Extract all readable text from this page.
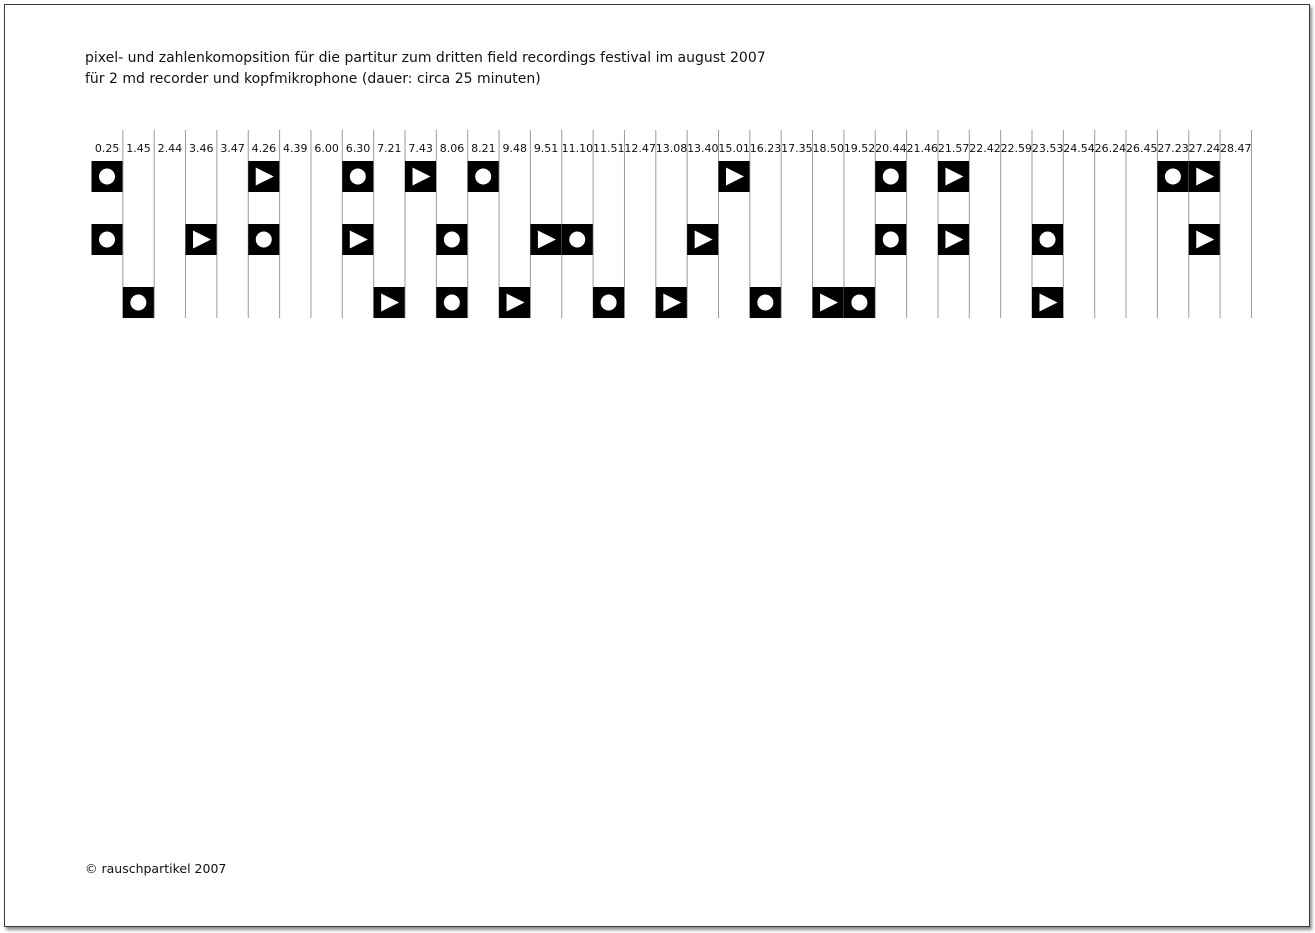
pixel- und zahlenkomopsition für die partitur zum dritten field recordings festival im august 2007
für 2 md recorder und kopfmikrophone (dauer: circa 25 minuten)
0.25 1.45 2.44 3.46 3.47 4.26 4.39 6.00 6.30 7.21 7.43 8.06 8.21 9.48 9.51 11.10 11.51 12.47 13.08 13.40 15.01 16.23 17.35 18.50 19.52 20.44 21.46 21.57 22.42 22.59 23.53 24.54 26.24 26.45 27.23 27.24 28.47
© rauschpartikel 2007
